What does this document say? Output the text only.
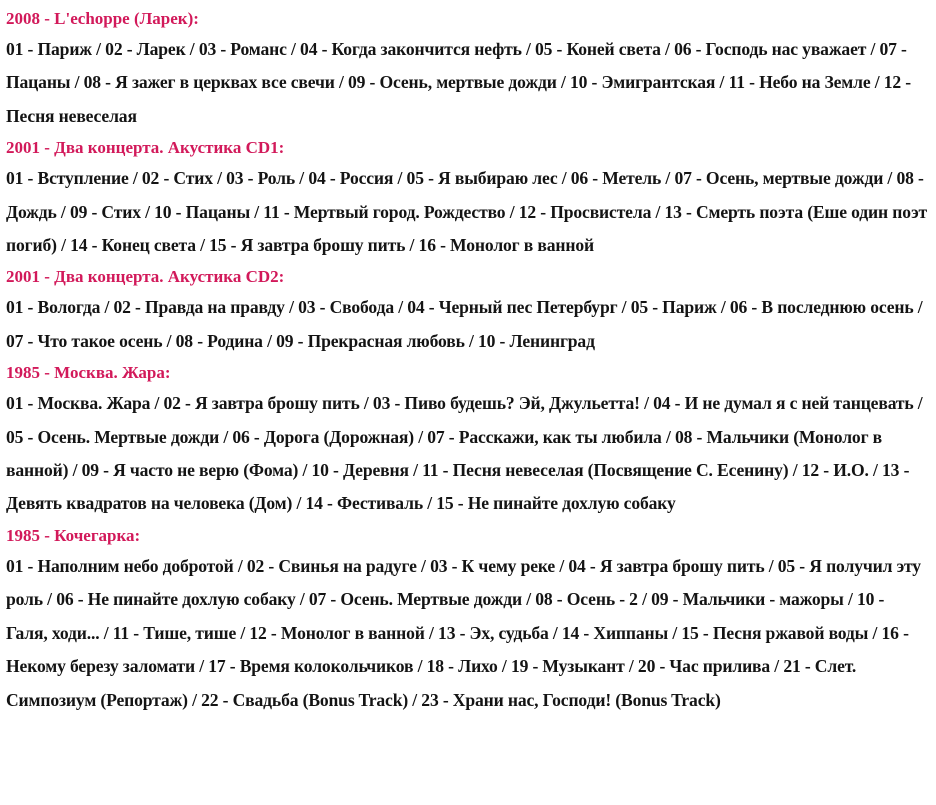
2008 - L'echoppe (Ларек):

01 - Париж / 02 - Ларек / 03 - Романс / 04 - Когда закончится нефть / 05 - Коней света / 06 - Господь нас уважает / 07 - Пацаны / 08 - Я зажег в церквах все свечи / 09 - Осень, мертвые дожди / 10 - Эмигрантская / 11 - Небо на Земле / 12 - Песня невеселая

2001 - Два концерта. Акустика CD1:

01 - Вступление / 02 - Стих / 03 - Роль / 04 - Россия / 05 - Я выбираю лес / 06 - Метель / 07 - Осень, мертвые дожди / 08 - Дождь / 09 - Стих / 10 - Пацаны / 11 - Мертвый город. Рождество / 12 - Просвистела / 13 - Смерть поэта (Еше один поэт погиб) / 14 - Конец света / 15 - Я завтра брошу пить / 16 - Монолог в ванной

2001 - Два концерта. Акустика CD2:

01 - Вологда / 02 - Правда на правду / 03 - Свобода / 04 - Черный пес Петербург / 05 - Париж / 06 - В последнюю осень / 07 - Что такое осень / 08 - Родина / 09 - Прекрасная любовь / 10 - Ленинград

1985 - Москва. Жара:

01 - Москва. Жара / 02 - Я завтра брошу пить / 03 - Пиво будешь? Эй, Джульетта! / 04 - И не думал я с ней танцевать / 05 - Осень. Мертвые дожди / 06 - Дорога (Дорожная) / 07 - Расскажи, как ты любила / 08 - Мальчики (Монолог в ванной) / 09 - Я часто не верю (Фома) / 10 - Деревня / 11 - Песня невеселая (Посвящение С. Есенину) / 12 - И.О. / 13 - Девять квадратов на человека (Дом) / 14 - Фестиваль / 15 - Не пинайте дохлую собаку

1985 - Кочегарка:

01 - Наполним небо добротой / 02 - Свинья на радуге / 03 - К чему реке / 04 - Я завтра брошу пить / 05 - Я получил эту роль / 06 - Не пинайте дохлую собаку / 07 - Осень. Мертвые дожди / 08 - Осень - 2 / 09 - Мальчики - мажоры / 10 - Галя, ходи... / 11 - Тише, тише / 12 - Монолог в ванной / 13 - Эх, судьба / 14 - Хиппаны / 15 - Песня ржавой воды / 16 - Некому березу заломати / 17 - Время колокольчиков / 18 - Лихо / 19 - Музыкант / 20 - Час прилива / 21 - Слет. Симпозиум (Репортаж) / 22 - Свадьба (Bonus Track) / 23 - Храни нас, Господи! (Bonus Track)
